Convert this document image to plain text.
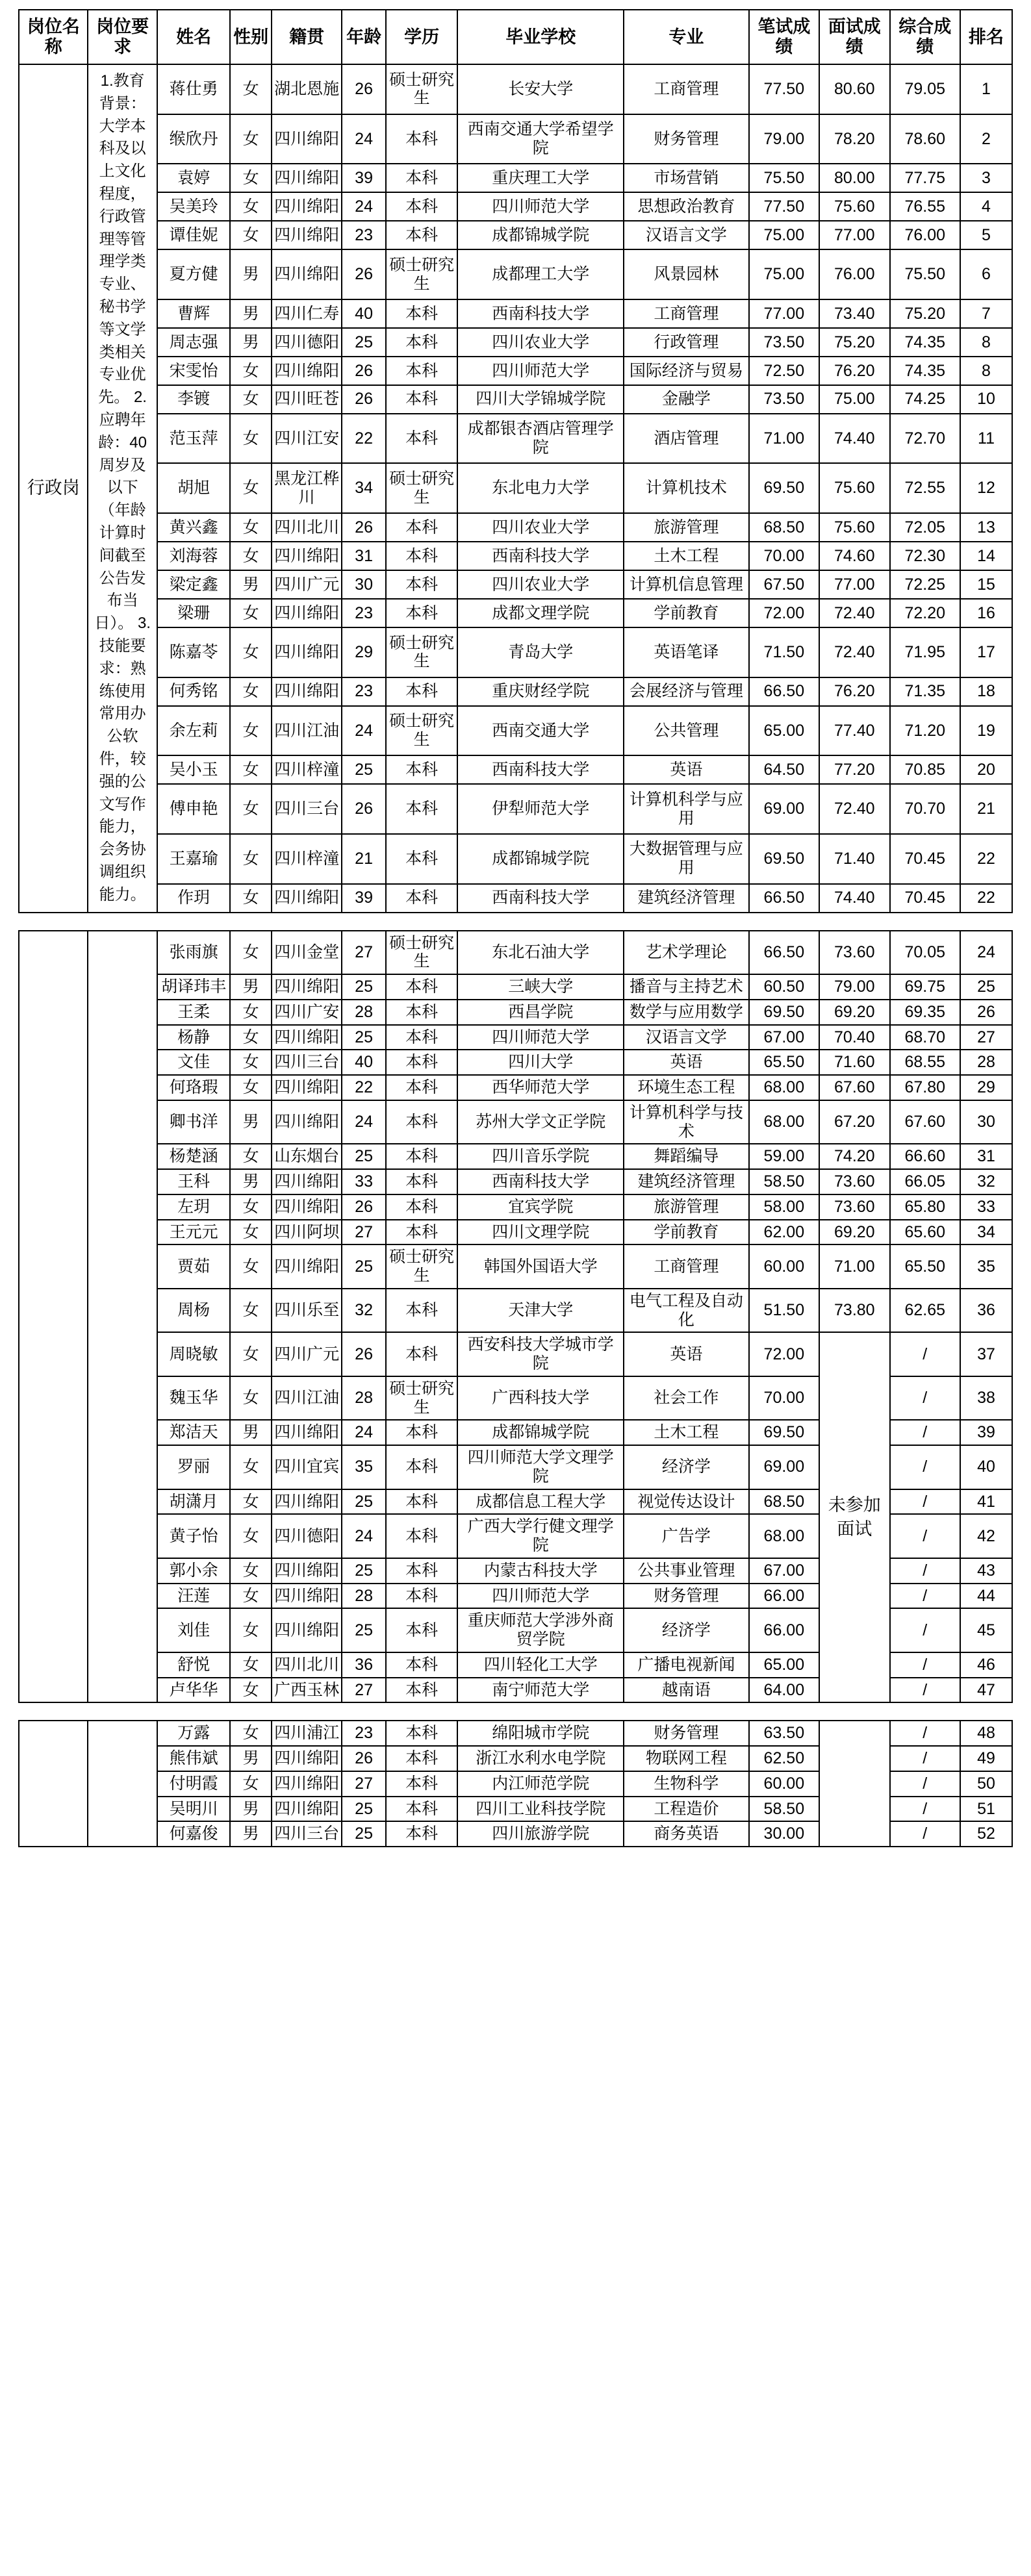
岗位名称	岗位要求	姓名	性别	籍贯	年龄	学历	毕业学校	专业	笔试成绩	面试成绩	综合成绩	排名
行政岗	1.教育背景：大学本科及以上文化程度，行政管理等管理学类专业、秘书学等文学类相关专业优先。 2.应聘年龄：40周岁及以下（年龄计算时间截至公告发布当日）。 3.技能要求：熟练使用常用办公软件，较强的公文写作能力，会务协调组织能力。	蒋仕勇	女	湖北恩施	26	硕士研究生	长安大学	工商管理	77.50	80.60	79.05	1
		缑欣丹	女	四川绵阳	24	本科	西南交通大学希望学院	财务管理	79.00	78.20	78.60	2
		袁婷	女	四川绵阳	39	本科	重庆理工大学	市场营销	75.50	80.00	77.75	3
		吴美玲	女	四川绵阳	24	本科	四川师范大学	思想政治教育	77.50	75.60	76.55	4
		谭佳妮	女	四川绵阳	23	本科	成都锦城学院	汉语言文学	75.00	77.00	76.00	5
		夏方健	男	四川绵阳	26	硕士研究生	成都理工大学	风景园林	75.00	76.00	75.50	6
		曹辉	男	四川仁寿	40	本科	西南科技大学	工商管理	77.00	73.40	75.20	7
		周志强	男	四川德阳	25	本科	四川农业大学	行政管理	73.50	75.20	74.35	8
		宋雯怡	女	四川绵阳	26	本科	四川师范大学	国际经济与贸易	72.50	76.20	74.35	8
		李镀	女	四川旺苍	26	本科	四川大学锦城学院	金融学	73.50	75.00	74.25	10
		范玉萍	女	四川江安	22	本科	成都银杏酒店管理学院	酒店管理	71.00	74.40	72.70	11
		胡旭	女	黑龙江桦川	34	硕士研究生	东北电力大学	计算机技术	69.50	75.60	72.55	12
		黄兴鑫	女	四川北川	26	本科	四川农业大学	旅游管理	68.50	75.60	72.05	13
		刘海蓉	女	四川绵阳	31	本科	西南科技大学	土木工程	70.00	74.60	72.30	14
		梁定鑫	男	四川广元	30	本科	四川农业大学	计算机信息管理	67.50	77.00	72.25	15
		梁珊	女	四川绵阳	23	本科	成都文理学院	学前教育	72.00	72.40	72.20	16
		陈嘉苓	女	四川绵阳	29	硕士研究生	青岛大学	英语笔译	71.50	72.40	71.95	17
		何秀铭	女	四川绵阳	23	本科	重庆财经学院	会展经济与管理	66.50	76.20	71.35	18
		余左莉	女	四川江油	24	硕士研究生	西南交通大学	公共管理	65.00	77.40	71.20	19
		吴小玉	女	四川梓潼	25	本科	西南科技大学	英语	64.50	77.20	70.85	20
		傅申艳	女	四川三台	26	本科	伊犁师范大学	计算机科学与应用	69.00	72.40	70.70	21
		王嘉瑜	女	四川梓潼	21	本科	成都锦城学院	大数据管理与应用	69.50	71.40	70.45	22
		作玥	女	四川绵阳	39	本科	西南科技大学	建筑经济管理	66.50	74.40	70.45	22
		张雨旗	女	四川金堂	27	硕士研究生	东北石油大学	艺术学理论	66.50	73.60	70.05	24
		胡译玮丰	男	四川绵阳	25	本科	三峡大学	播音与主持艺术	60.50	79.00	69.75	25
		王柔	女	四川广安	28	本科	西昌学院	数学与应用数学	69.50	69.20	69.35	26
		杨静	女	四川绵阳	25	本科	四川师范大学	汉语言文学	67.00	70.40	68.70	27
		文佳	女	四川三台	40	本科	四川大学	英语	65.50	71.60	68.55	28
		何珞瑕	女	四川绵阳	22	本科	西华师范大学	环境生态工程	68.00	67.60	67.80	29
		卿书洋	男	四川绵阳	24	本科	苏州大学文正学院	计算机科学与技术	68.00	67.20	67.60	30
		杨楚涵	女	山东烟台	25	本科	四川音乐学院	舞蹈编导	59.00	74.20	66.60	31
		王科	男	四川绵阳	33	本科	西南科技大学	建筑经济管理	58.50	73.60	66.05	32
		左玥	女	四川绵阳	26	本科	宜宾学院	旅游管理	58.00	73.60	65.80	33
		王元元	女	四川阿坝	27	本科	四川文理学院	学前教育	62.00	69.20	65.60	34
		贾茹	女	四川绵阳	25	硕士研究生	韩国外国语大学	工商管理	60.00	71.00	65.50	35
		周杨	女	四川乐至	32	本科	天津大学	电气工程及自动化	51.50	73.80	62.65	36
		周晓敏	女	四川广元	26	本科	西安科技大学城市学院	英语	72.00	未参加面试	/	37
		魏玉华	女	四川江油	28	硕士研究生	广西科技大学	社会工作	70.00		/	38
		郑洁天	男	四川绵阳	24	本科	成都锦城学院	土木工程	69.50		/	39
		罗丽	女	四川宜宾	35	本科	四川师范大学文理学院	经济学	69.00		/	40
		胡潇月	女	四川绵阳	25	本科	成都信息工程大学	视觉传达设计	68.50		/	41
		黄子怡	女	四川德阳	24	本科	广西大学行健文理学院	广告学	68.00		/	42
		郭小余	女	四川绵阳	25	本科	内蒙古科技大学	公共事业管理	67.00		/	43
		汪莲	女	四川绵阳	28	本科	四川师范大学	财务管理	66.00		/	44
		刘佳	女	四川绵阳	25	本科	重庆师范大学涉外商贸学院	经济学	66.00		/	45
		舒悦	女	四川北川	36	本科	四川轻化工大学	广播电视新闻	65.00		/	46
		卢华华	女	广西玉林	27	本科	南宁师范大学	越南语	64.00		/	47
		万露	女	四川浦江	23	本科	绵阳城市学院	财务管理	63.50		/	48
		熊伟斌	男	四川绵阳	26	本科	浙江水利水电学院	物联网工程	62.50		/	49
		付明霞	女	四川绵阳	27	本科	内江师范学院	生物科学	60.00		/	50
		吴明川	男	四川绵阳	25	本科	四川工业科技学院	工程造价	58.50		/	51
		何嘉俊	男	四川三台	25	本科	四川旅游学院	商务英语	30.00		/	52
